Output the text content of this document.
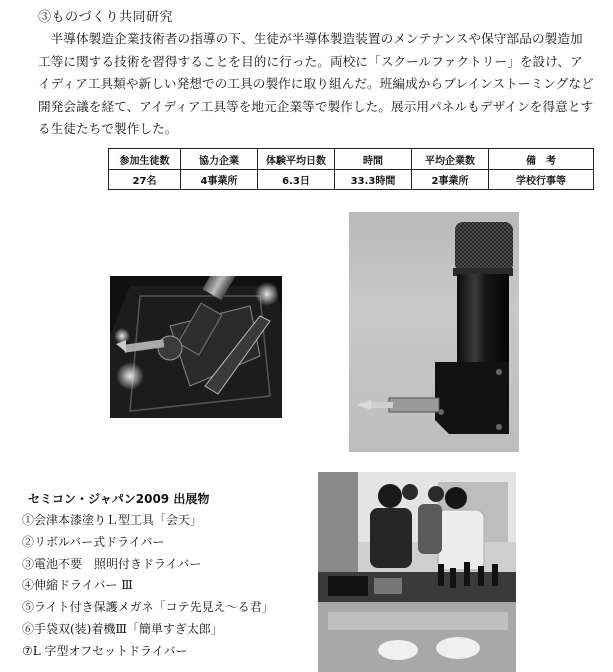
③ものづくり共同研究
半導体製造企業技術者の指導の下、生徒が半導体製造装置のメンテナンスや保守部品の製造加工等に関する技術を習得することを目的に行った。両校に「スクールファクトリー」を設け、アイディア工具類や新しい発想での工具の製作に取り組んだ。班編成からブレインストーミングなど開発会議を経て、アイディア工具等を地元企業等で製作した。展示用パネルもデザインを得意とする生徒たちで製作した。
参加生徒数	協力企業	体験平均日数	時間	平均企業数	備　考
27名	4事業所	6.3日	33.3時間	2事業所	学校行事等
セミコン・ジャパン2009 出展物
①会津本漆塗りＬ型工具「会天」
②リボルバー式ドライバー
③電池不要　照明付きドライバー
④伸縮ドライバー Ⅲ
⑤ライト付き保護メガネ「コテ先見え～る君」
⑥手袋双(装)着機Ⅲ「簡単すぎ太郎」
⑦L 字型オフセットドライバー
